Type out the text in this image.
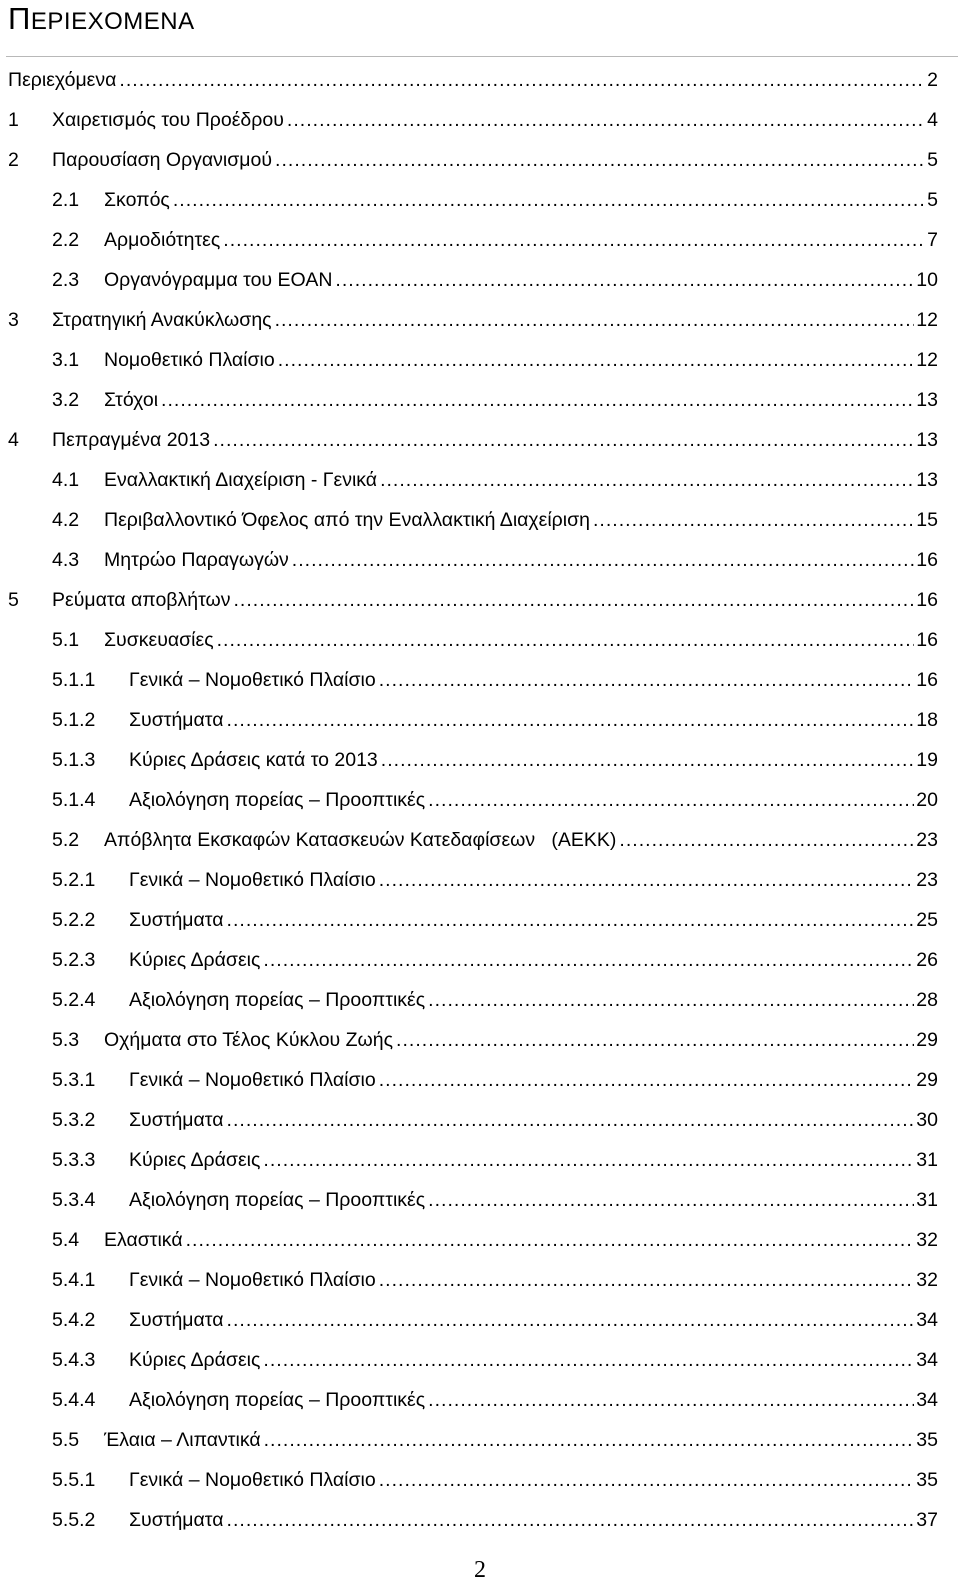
ΠΕΡΙΕΧΟΜΕΝΑ
Περιεχόμενα . . .	2
1	Χαιρετισμός του Προέδρου . . .	4
2	Παρουσίαση Οργανισμού . . .	5
2.1	Σκοπός . . .	5
2.2	Αρμοδιότητες . . .	7
2.3	Οργανόγραμμα του ΕΟΑΝ . . .	10
3	Στρατηγική Ανακύκλωσης . . .	12
3.1	Νομοθετικό Πλαίσιο . . .	12
3.2	Στόχοι . . .	13
4	Πεπραγμένα 2013 . . .	13
4.1	Εναλλακτική Διαχείριση - Γενικά . . .	13
4.2	Περιβαλλοντικό Όφελος από την Εναλλακτική Διαχείριση . . .	15
4.3	Μητρώο Παραγωγών . . .	16
5	Ρεύματα αποβλήτων . . .	16
5.1	Συσκευασίες . . .	16
5.1.1	Γενικά – Νομοθετικό Πλαίσιο . . .	16
5.1.2	Συστήματα . . .	18
5.1.3	Κύριες Δράσεις κατά το 2013 . . .	19
5.1.4	Αξιολόγηση πορείας – Προοπτικές . . .	20
5.2	Απόβλητα Εκσκαφών Κατασκευών Κατεδαφίσεων   (ΑΕΚΚ) . . .	23
5.2.1	Γενικά – Νομοθετικό Πλαίσιο . . .	23
5.2.2	Συστήματα . . .	25
5.2.3	Κύριες Δράσεις . . .	26
5.2.4	Αξιολόγηση πορείας – Προοπτικές . . .	28
5.3	Οχήματα στο Τέλος Κύκλου Ζωής . . .	29
5.3.1	Γενικά – Νομοθετικό Πλαίσιο . . .	29
5.3.2	Συστήματα . . .	30
5.3.3	Κύριες Δράσεις . . .	31
5.3.4	Αξιολόγηση πορείας – Προοπτικές . . .	31
5.4	Ελαστικά . . .	32
5.4.1	Γενικά – Νομοθετικό Πλαίσιο . . .	32
5.4.2	Συστήματα . . .	34
5.4.3	Κύριες Δράσεις . . .	34
5.4.4	Αξιολόγηση πορείας – Προοπτικές . . .	34
5.5	Έλαια – Λιπαντικά . . .	35
5.5.1	Γενικά – Νομοθετικό Πλαίσιο . . .	35
5.5.2	Συστήματα . . .	37
2
